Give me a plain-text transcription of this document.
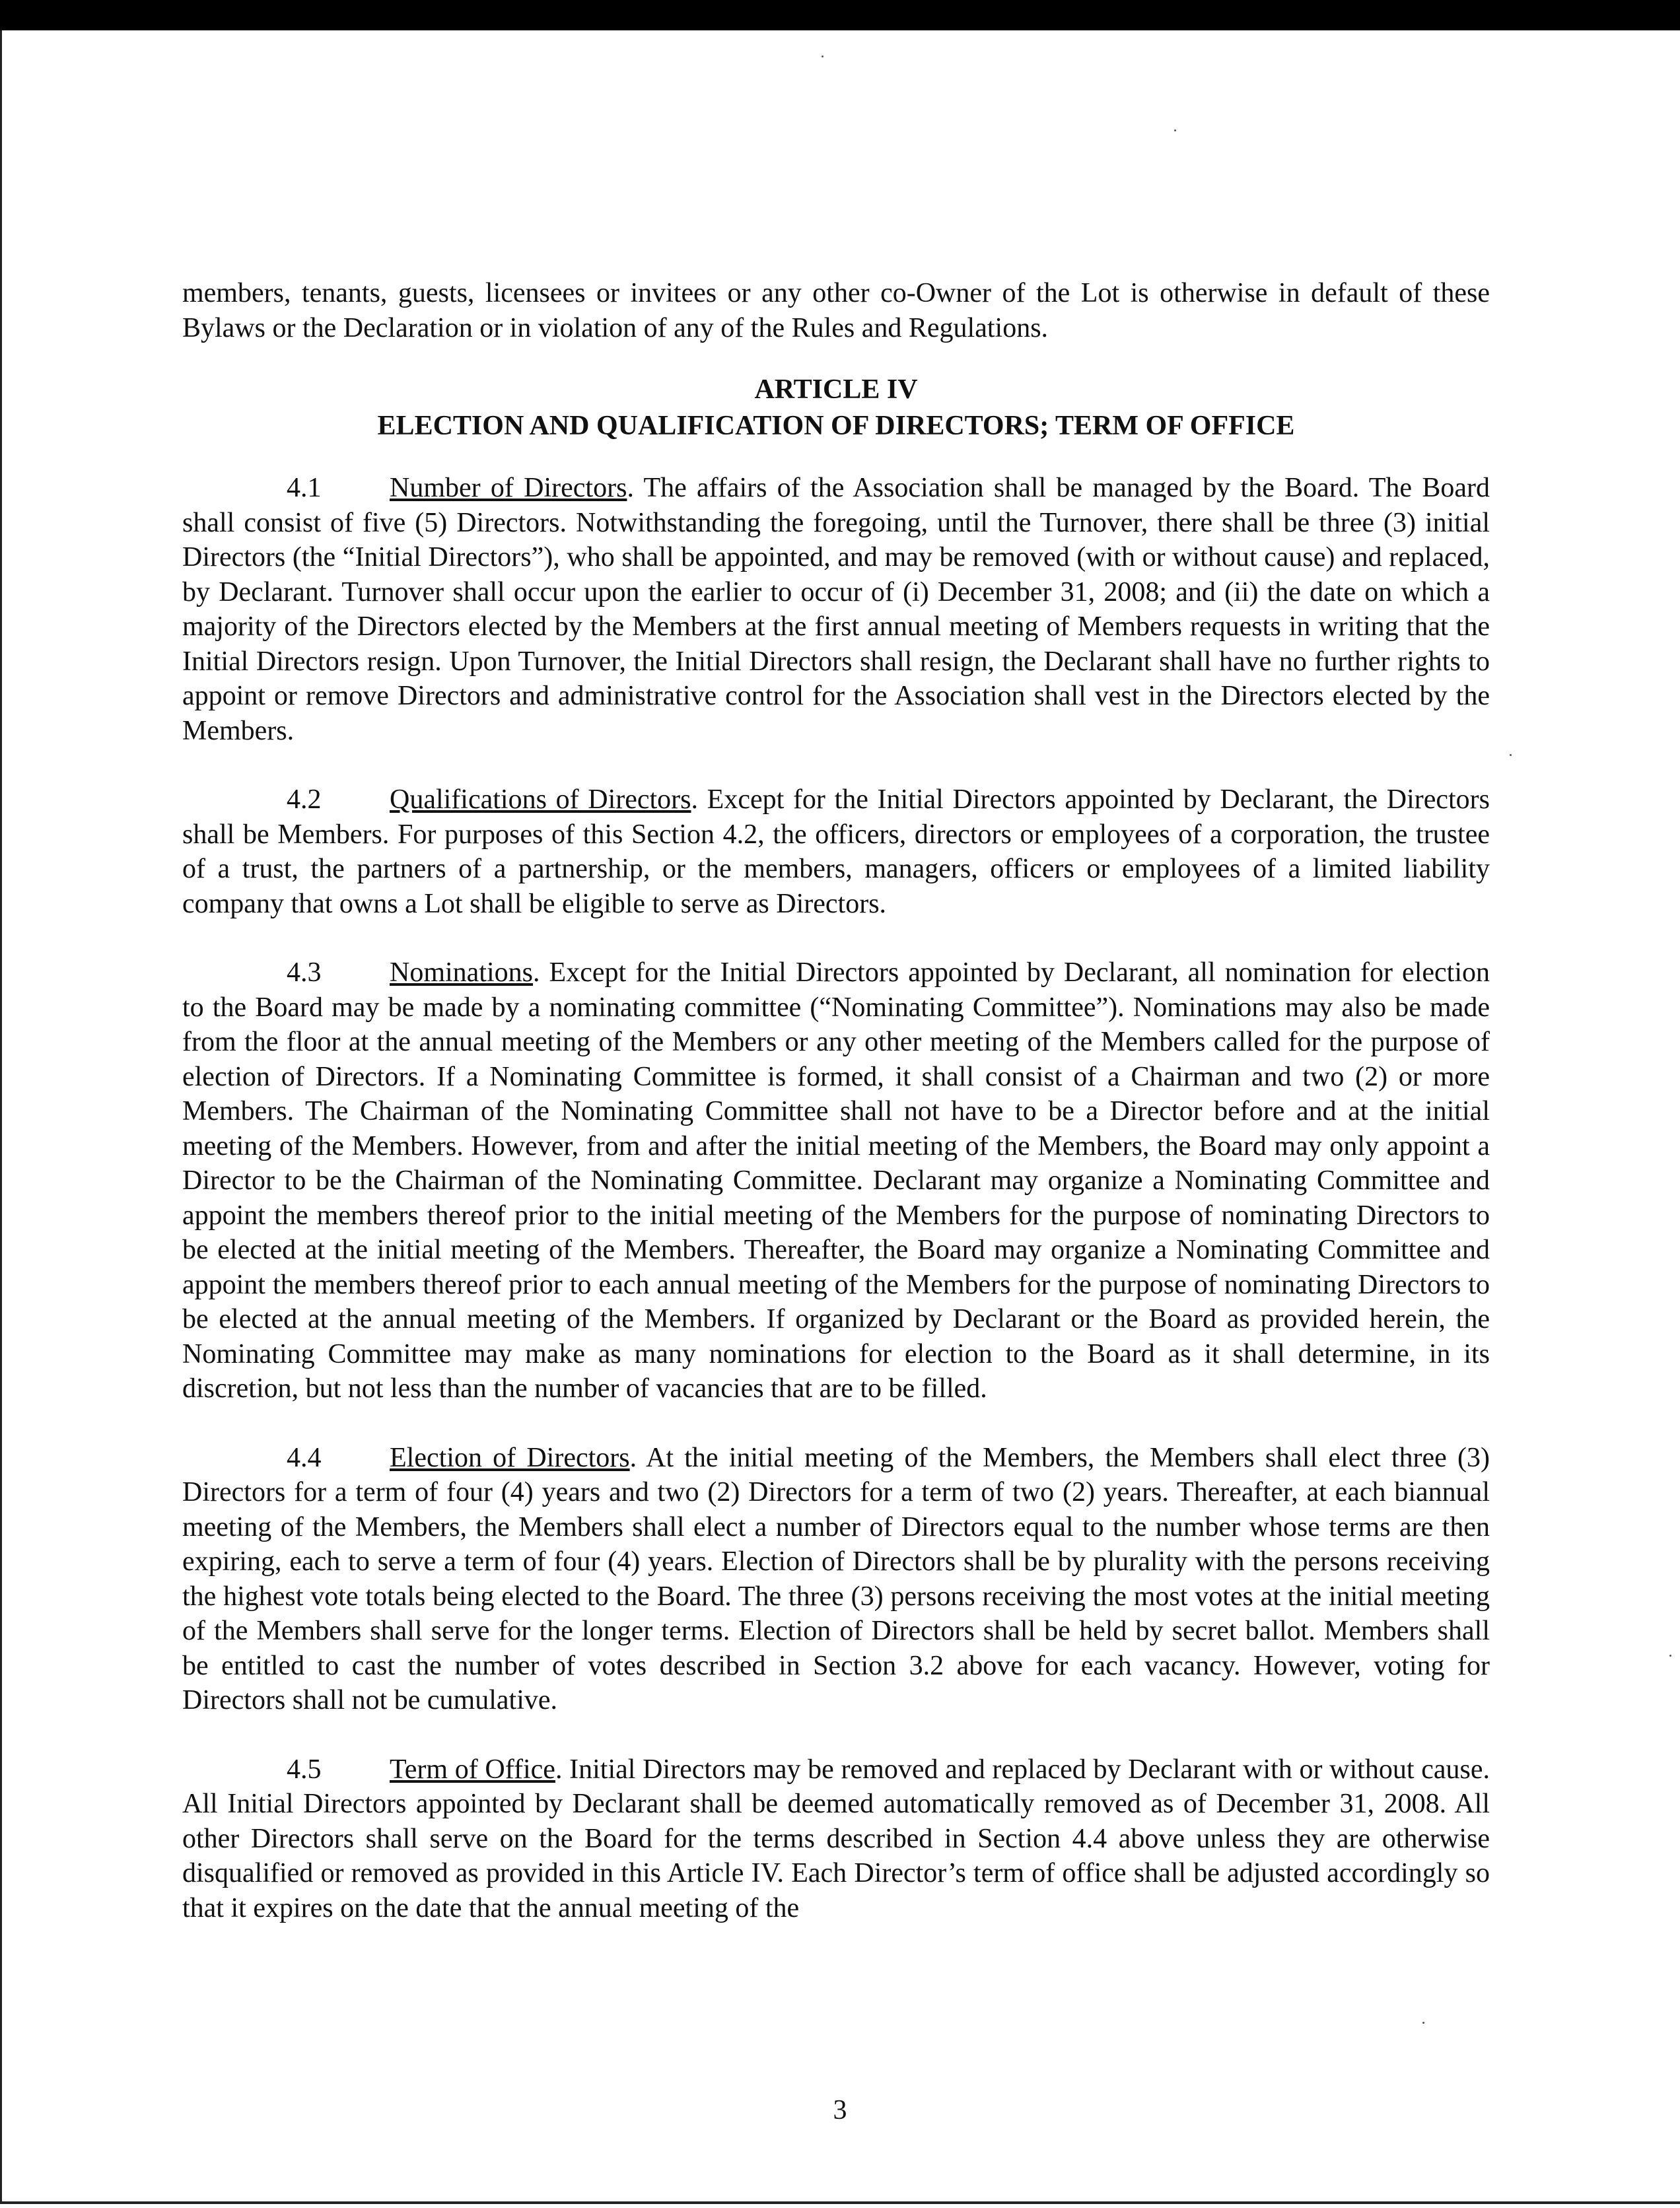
members, tenants, guests, licensees or invitees or any other co-Owner of the Lot is otherwise in default of these Bylaws or the Declaration or in violation of any of the Rules and Regulations.

ARTICLE IV

ELECTION AND QUALIFICATION OF DIRECTORS; TERM OF OFFICE

4.1 Number of Directors. The affairs of the Association shall be managed by the Board. The Board shall consist of five (5) Directors. Notwithstanding the foregoing, until the Turnover, there shall be three (3) initial Directors (the “Initial Directors”), who shall be appointed, and may be removed (with or without cause) and replaced, by Declarant. Turnover shall occur upon the earlier to occur of (i) December 31, 2008; and (ii) the date on which a majority of the Directors elected by the Members at the first annual meeting of Members requests in writing that the Initial Directors resign. Upon Turnover, the Initial Directors shall resign, the Declarant shall have no further rights to appoint or remove Directors and administrative control for the Association shall vest in the Directors elected by the Members.

4.2 Qualifications of Directors. Except for the Initial Directors appointed by Declarant, the Directors shall be Members. For purposes of this Section 4.2, the officers, directors or employees of a corporation, the trustee of a trust, the partners of a partnership, or the members, managers, officers or employees of a limited liability company that owns a Lot shall be eligible to serve as Directors.

4.3 Nominations. Except for the Initial Directors appointed by Declarant, all nomination for election to the Board may be made by a nominating committee (“Nominating Committee”). Nominations may also be made from the floor at the annual meeting of the Members or any other meeting of the Members called for the purpose of election of Directors. If a Nominating Committee is formed, it shall consist of a Chairman and two (2) or more Members. The Chairman of the Nominating Committee shall not have to be a Director before and at the initial meeting of the Members. However, from and after the initial meeting of the Members, the Board may only appoint a Director to be the Chairman of the Nominating Committee. Declarant may organize a Nominating Committee and appoint the members thereof prior to the initial meeting of the Members for the purpose of nominating Directors to be elected at the initial meeting of the Members. Thereafter, the Board may organize a Nominating Committee and appoint the members thereof prior to each annual meeting of the Members for the purpose of nominating Directors to be elected at the annual meeting of the Members. If organized by Declarant or the Board as provided herein, the Nominating Committee may make as many nominations for election to the Board as it shall determine, in its discretion, but not less than the number of vacancies that are to be filled.

4.4 Election of Directors. At the initial meeting of the Members, the Members shall elect three (3) Directors for a term of four (4) years and two (2) Directors for a term of two (2) years. Thereafter, at each biannual meeting of the Members, the Members shall elect a number of Directors equal to the number whose terms are then expiring, each to serve a term of four (4) years. Election of Directors shall be by plurality with the persons receiving the highest vote totals being elected to the Board. The three (3) persons receiving the most votes at the initial meeting of the Members shall serve for the longer terms. Election of Directors shall be held by secret ballot. Members shall be entitled to cast the number of votes described in Section 3.2 above for each vacancy. However, voting for Directors shall not be cumulative.

4.5 Term of Office. Initial Directors may be removed and replaced by Declarant with or without cause. All Initial Directors appointed by Declarant shall be deemed automatically removed as of December 31, 2008. All other Directors shall serve on the Board for the terms described in Section 4.4 above unless they are otherwise disqualified or removed as provided in this Article IV. Each Director’s term of office shall be adjusted accordingly so that it expires on the date that the annual meeting of the

3
